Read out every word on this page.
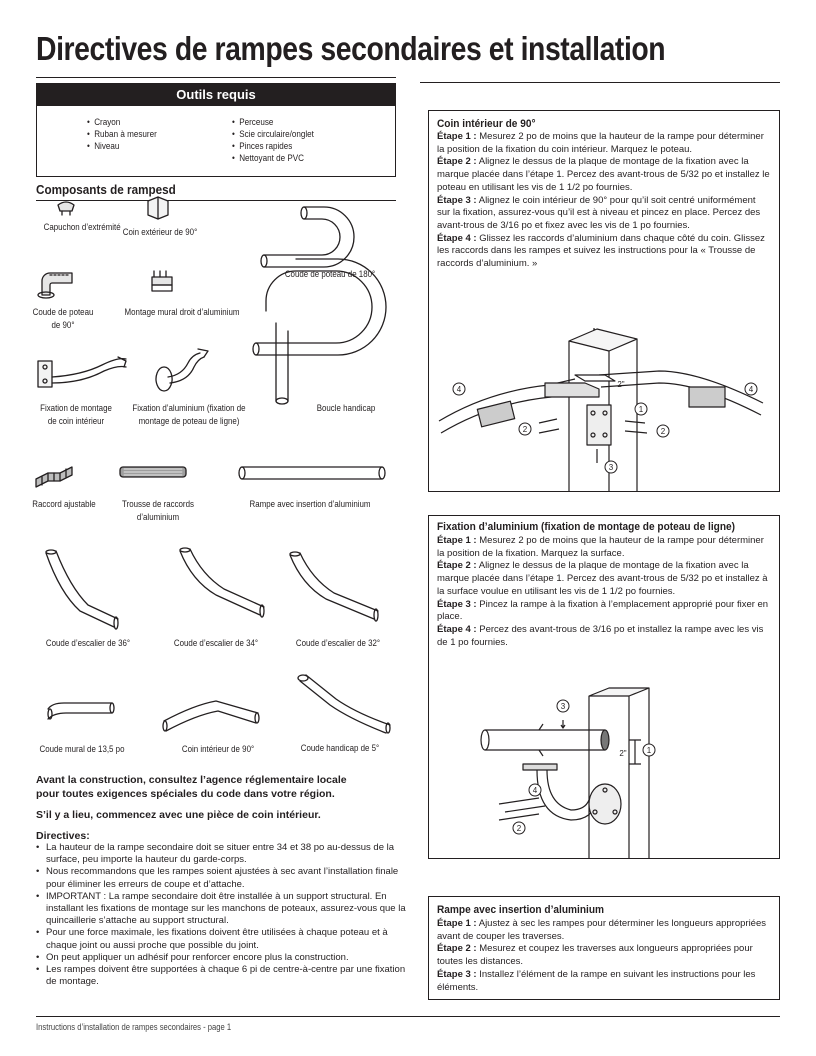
Directives de rampes secondaires et installation
Outils requis
• Crayon
• Ruban à mesurer
• Niveau
• Perceuse
• Scie circulaire/onglet
• Pinces rapides
• Nettoyant de PVC
Composants de rampesd
Capuchon d’extrémité Coin extérieur de 90°
Coude de poteau de 180°
Coude de poteau de 90°
Montage mural droit d’aluminium
Fixation de montage de coin intérieur
Fixation d’aluminium (fixation de montage de poteau de ligne)
Boucle handicap
Raccord ajustable	Trousse de raccords d’aluminium
Rampe avec insertion d’aluminium
Coude d’escalier de 36°	Coude d’escalier de 34°	Coude d’escalier de 32°
Coude mural de 13,5 po	Coin intérieur de 90°	Coude handicap de 5°
Avant la construction, consultez l’agence réglementaire locale pour toutes exigences spéciales du code dans votre région.
S’il y a lieu, commencez avec une pièce de coin intérieur.
Directives:
• La hauteur de la rampe secondaire doit se situer entre 34 et 38 po au-dessus de la surface, peu importe la hauteur du garde-corps.
• Nous recommandons que les rampes soient ajustées à sec avant l’installation finale pour éliminer les erreurs de coupe et d’attache.
• IMPORTANT : La rampe secondaire doit être installée à un support structural. En installant les fixations de montage sur les manchons de poteaux, assurez-vous que la quincaillerie s’attache au support structural.
• Pour une force maximale, les fixations doivent être utilisées à chaque poteau et à chaque joint ou aussi proche que possible du joint.
• On peut appliquer un adhésif pour renforcer encore plus la construction.
• Les rampes doivent être supportées à chaque 6 pi de centre-à-centre par une fixation de montage.
Coin intérieur de 90°
Étape 1 : Mesurez 2 po de moins que la hauteur de la rampe pour déterminer la position de la fixation du coin intérieur. Marquez le poteau.
Étape 2 : Alignez le dessus de la plaque de montage de la fixation avec la marque placée dans l’étape 1. Percez des avant-trous de 5/32 po et installez le poteau en utilisant les vis de 1 1/2 po fournies.
Étape 3 : Alignez le coin intérieur de 90° pour qu’il soit centré uniformément sur la fixation, assurez-vous qu’il est à niveau et pincez en place. Percez des avant-trous de 3/16 po et fixez avec les vis de 1 po fournies.
Étape 4 : Glissez les raccords d’aluminium dans chaque côté du coin. Glissez les raccords dans les rampes et suivez les instructions pour la « Trousse de raccords d’aluminium. »
4	4
1
2	2
3
2"
Fixation d’aluminium (fixation de montage de poteau de ligne)
Étape 1 : Mesurez 2 po de moins que la hauteur de la rampe pour déterminer la position de la fixation. Marquez la surface.
Étape 2 : Alignez le dessus de la plaque de montage de la fixation avec la marque placée dans l’étape 1. Percez des avant-trous de 5/32 po et installez à la surface voulue en utilisant les vis de 1 1/2 po fournies.
Étape 3 : Pincez la rampe à la fixation à l’emplacement approprié pour fixer en place.
Étape 4 : Percez des avant-trous de 3/16 po et installez la rampe avec les vis de 1 po fournies.
3
1
4
2
2"
Rampe avec insertion d’aluminium
Étape 1 : Ajustez à sec les rampes pour déterminer les longueurs appropriées avant de couper les traverses.
Étape 2 : Mesurez et coupez les traverses aux longueurs appropriées pour toutes les distances.
Étape 3 : Installez l’élément de la rampe en suivant les instructions pour les éléments.
Instructions d’installation de rampes secondaires - page 1
